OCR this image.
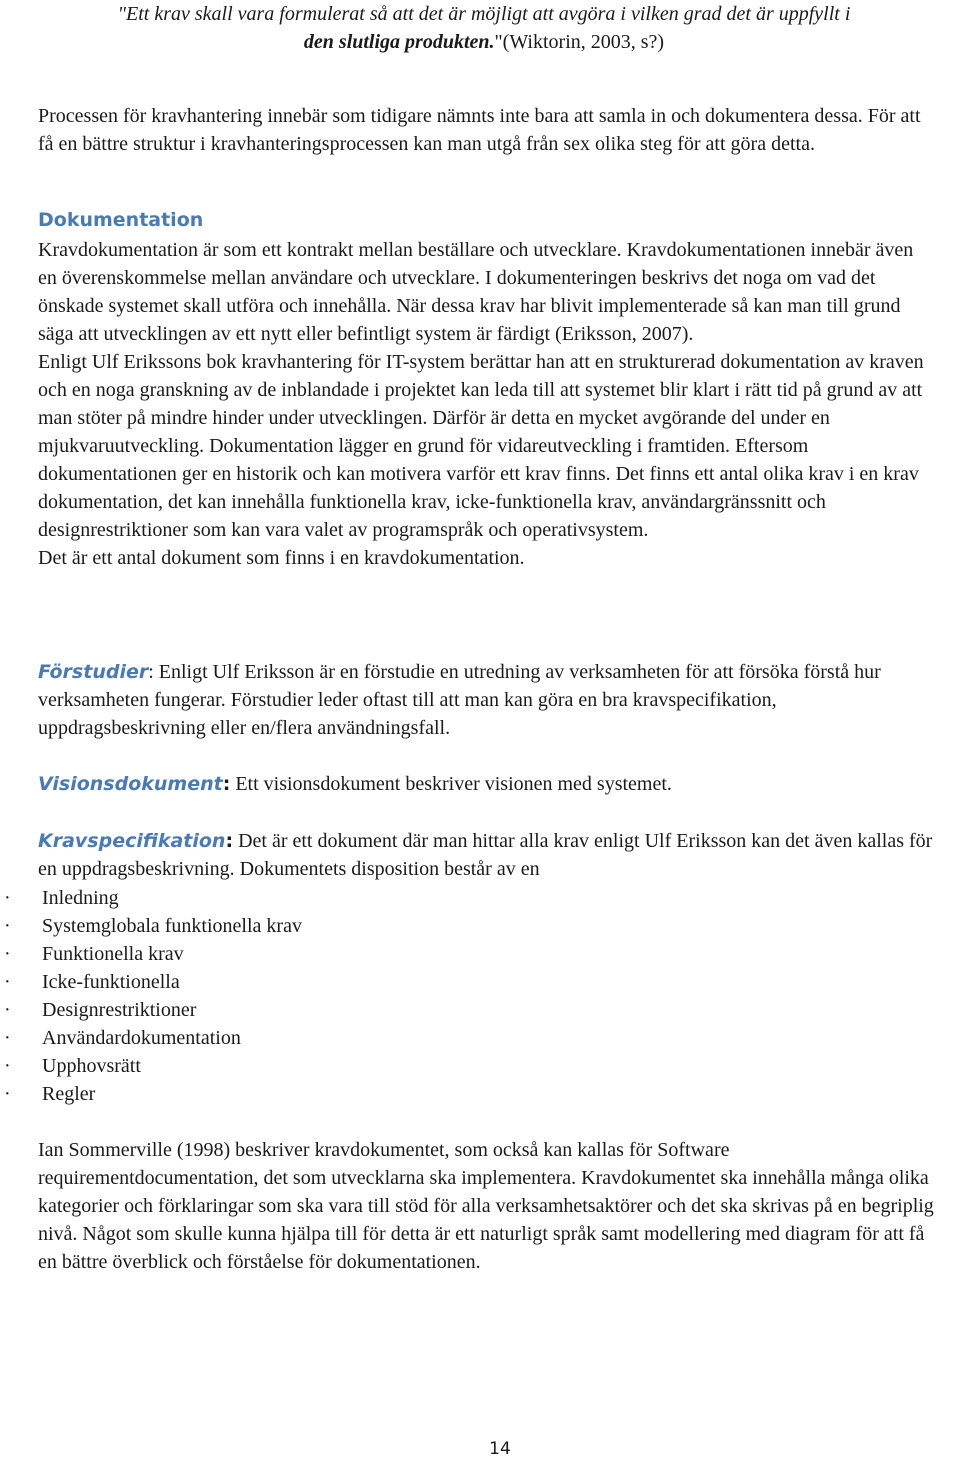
"Ett krav skall vara formulerat så att det är möjligt att avgöra i vilken grad det är uppfyllt i
den slutliga produkten."(Wiktorin, 2003, s?)

Processen för kravhantering innebär som tidigare nämnts inte bara att samla in och dokumentera dessa. För att få en bättre struktur i kravhanteringsprocessen kan man utgå från sex olika steg för att göra detta.

Dokumentation

Kravdokumentation är som ett kontrakt mellan beställare och utvecklare. Kravdokumentationen innebär även en överenskommelse mellan användare och utvecklare. I dokumenteringen beskrivs det noga om vad det önskade systemet skall utföra och innehålla. När dessa krav har blivit implementerade så kan man till grund säga att utvecklingen av ett nytt eller befintligt system är färdigt (Eriksson, 2007).

Enligt Ulf Erikssons bok kravhantering för IT-system berättar han att en strukturerad dokumentation av kraven och en noga granskning av de inblandade i projektet kan leda till att systemet blir klart i rätt tid på grund av att man stöter på mindre hinder under utvecklingen. Därför är detta en mycket avgörande del under en mjukvaruutveckling. Dokumentation lägger en grund för vidareutveckling i framtiden. Eftersom dokumentationen ger en historik och kan motivera varför ett krav finns. Det finns ett antal olika krav i en krav dokumentation, det kan innehålla funktionella krav, icke-funktionella krav, användargränssnitt och designrestriktioner som kan vara valet av programspråk och operativsystem.

Det är ett antal dokument som finns i en kravdokumentation.

Förstudier: Enligt Ulf Eriksson är en förstudie en utredning av verksamheten för att försöka förstå hur verksamheten fungerar. Förstudier leder oftast till att man kan göra en bra kravspecifikation, uppdragsbeskrivning eller en/flera användningsfall.

Visionsdokument: Ett visionsdokument beskriver visionen med systemet.

Kravspecifikation: Det är ett dokument där man hittar alla krav enligt Ulf Eriksson kan det även kallas för en uppdragsbeskrivning. Dokumentets disposition består av en

· Inledning
· Systemglobala funktionella krav
· Funktionella krav
· Icke-funktionella
· Designrestriktioner
· Användardokumentation
· Upphovsrätt
· Regler

Ian Sommerville (1998) beskriver kravdokumentet, som också kan kallas för Software requirementdocumentation, det som utvecklarna ska implementera. Kravdokumentet ska innehålla många olika kategorier och förklaringar som ska vara till stöd för alla verksamhetsaktörer och det ska skrivas på en begriplig nivå. Något som skulle kunna hjälpa till för detta är ett naturligt språk samt modellering med diagram för att få en bättre överblick och förståelse för dokumentationen.

14
